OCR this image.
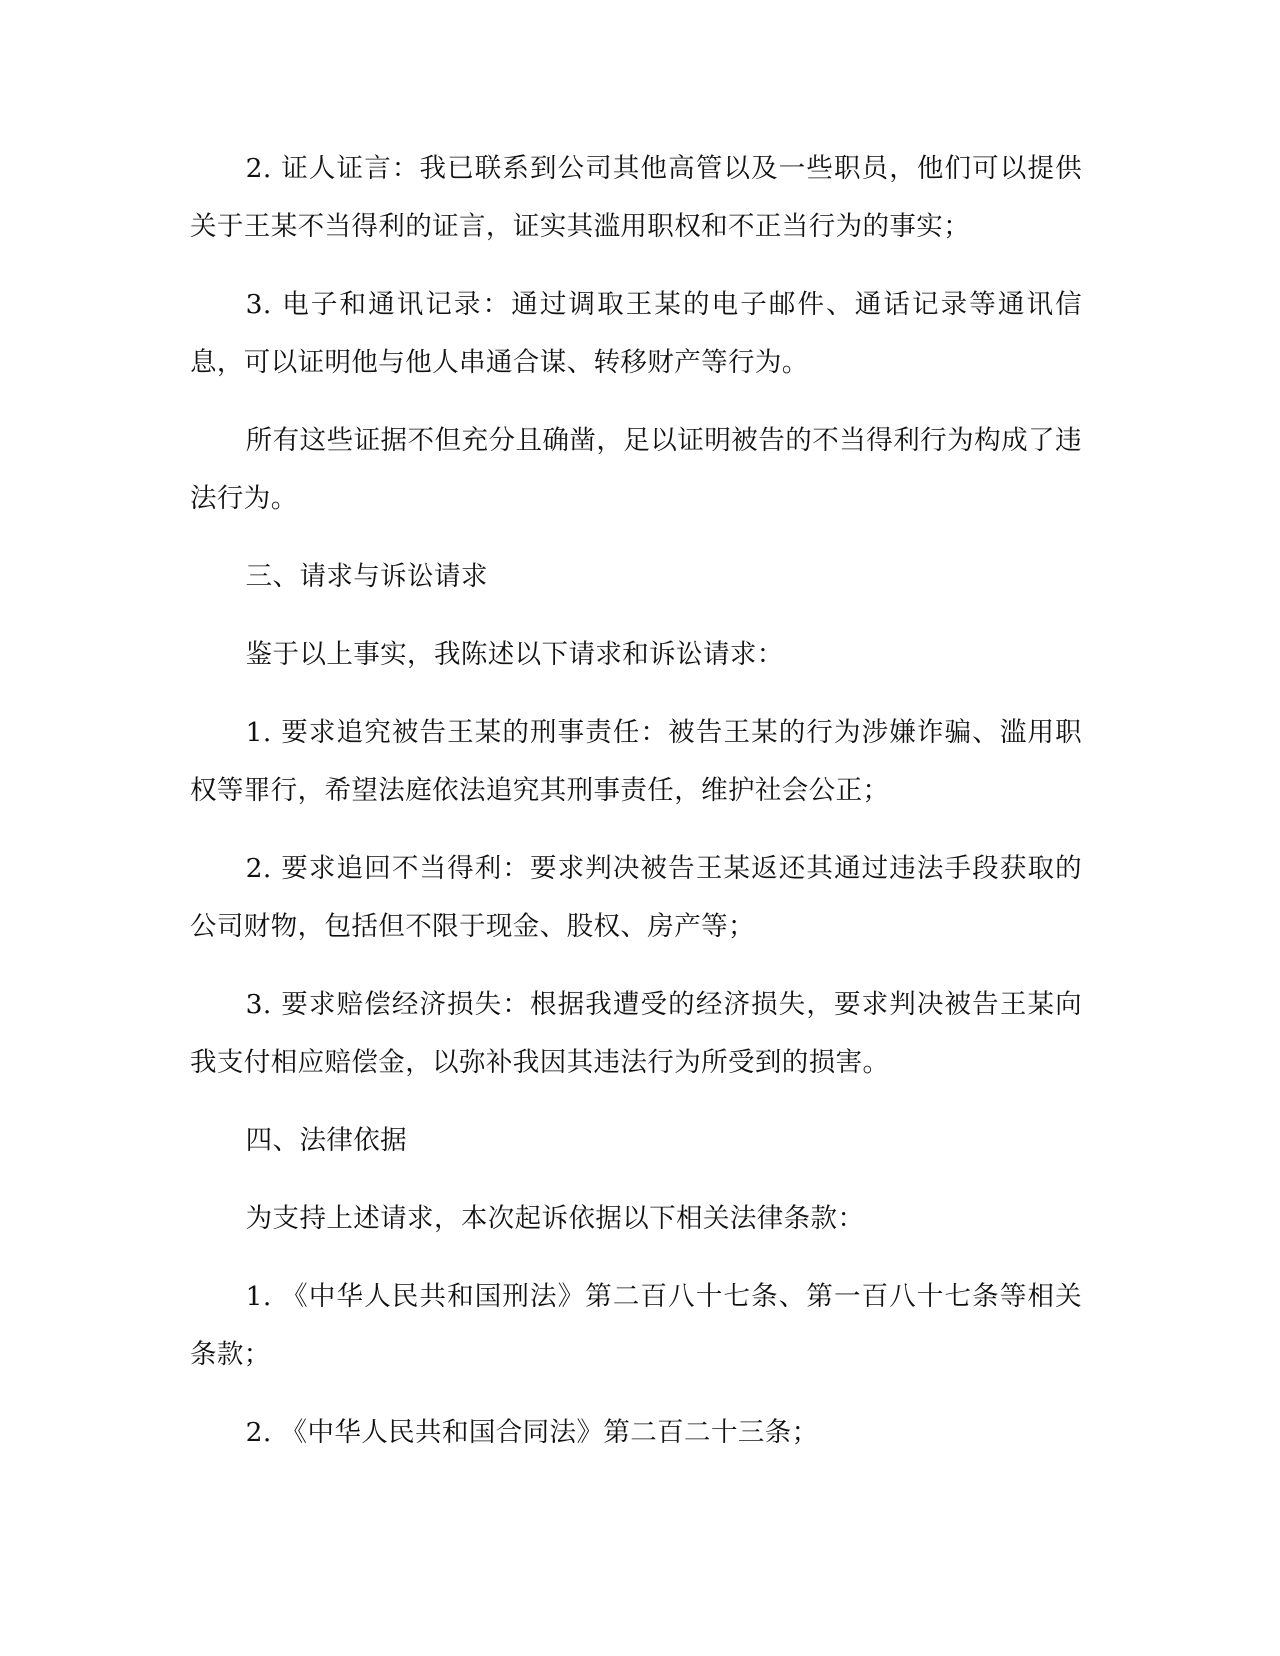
2. 证人证言：我已联系到公司其他高管以及一些职员，他们可以提供关于王某不当得利的证言，证实其滥用职权和不正当行为的事实；

3. 电子和通讯记录：通过调取王某的电子邮件、通话记录等通讯信息，可以证明他与他人串通合谋、转移财产等行为。

所有这些证据不但充分且确凿，足以证明被告的不当得利行为构成了违法行为。

三、请求与诉讼请求

鉴于以上事实，我陈述以下请求和诉讼请求：

1. 要求追究被告王某的刑事责任：被告王某的行为涉嫌诈骗、滥用职权等罪行，希望法庭依法追究其刑事责任，维护社会公正；

2. 要求追回不当得利：要求判决被告王某返还其通过违法手段获取的公司财物，包括但不限于现金、股权、房产等；

3. 要求赔偿经济损失：根据我遭受的经济损失，要求判决被告王某向我支付相应赔偿金，以弥补我因其违法行为所受到的损害。

四、法律依据

为支持上述请求，本次起诉依据以下相关法律条款：

1. 《中华人民共和国刑法》第二百八十七条、第一百八十七条等相关条款；

2. 《中华人民共和国合同法》第二百二十三条；
